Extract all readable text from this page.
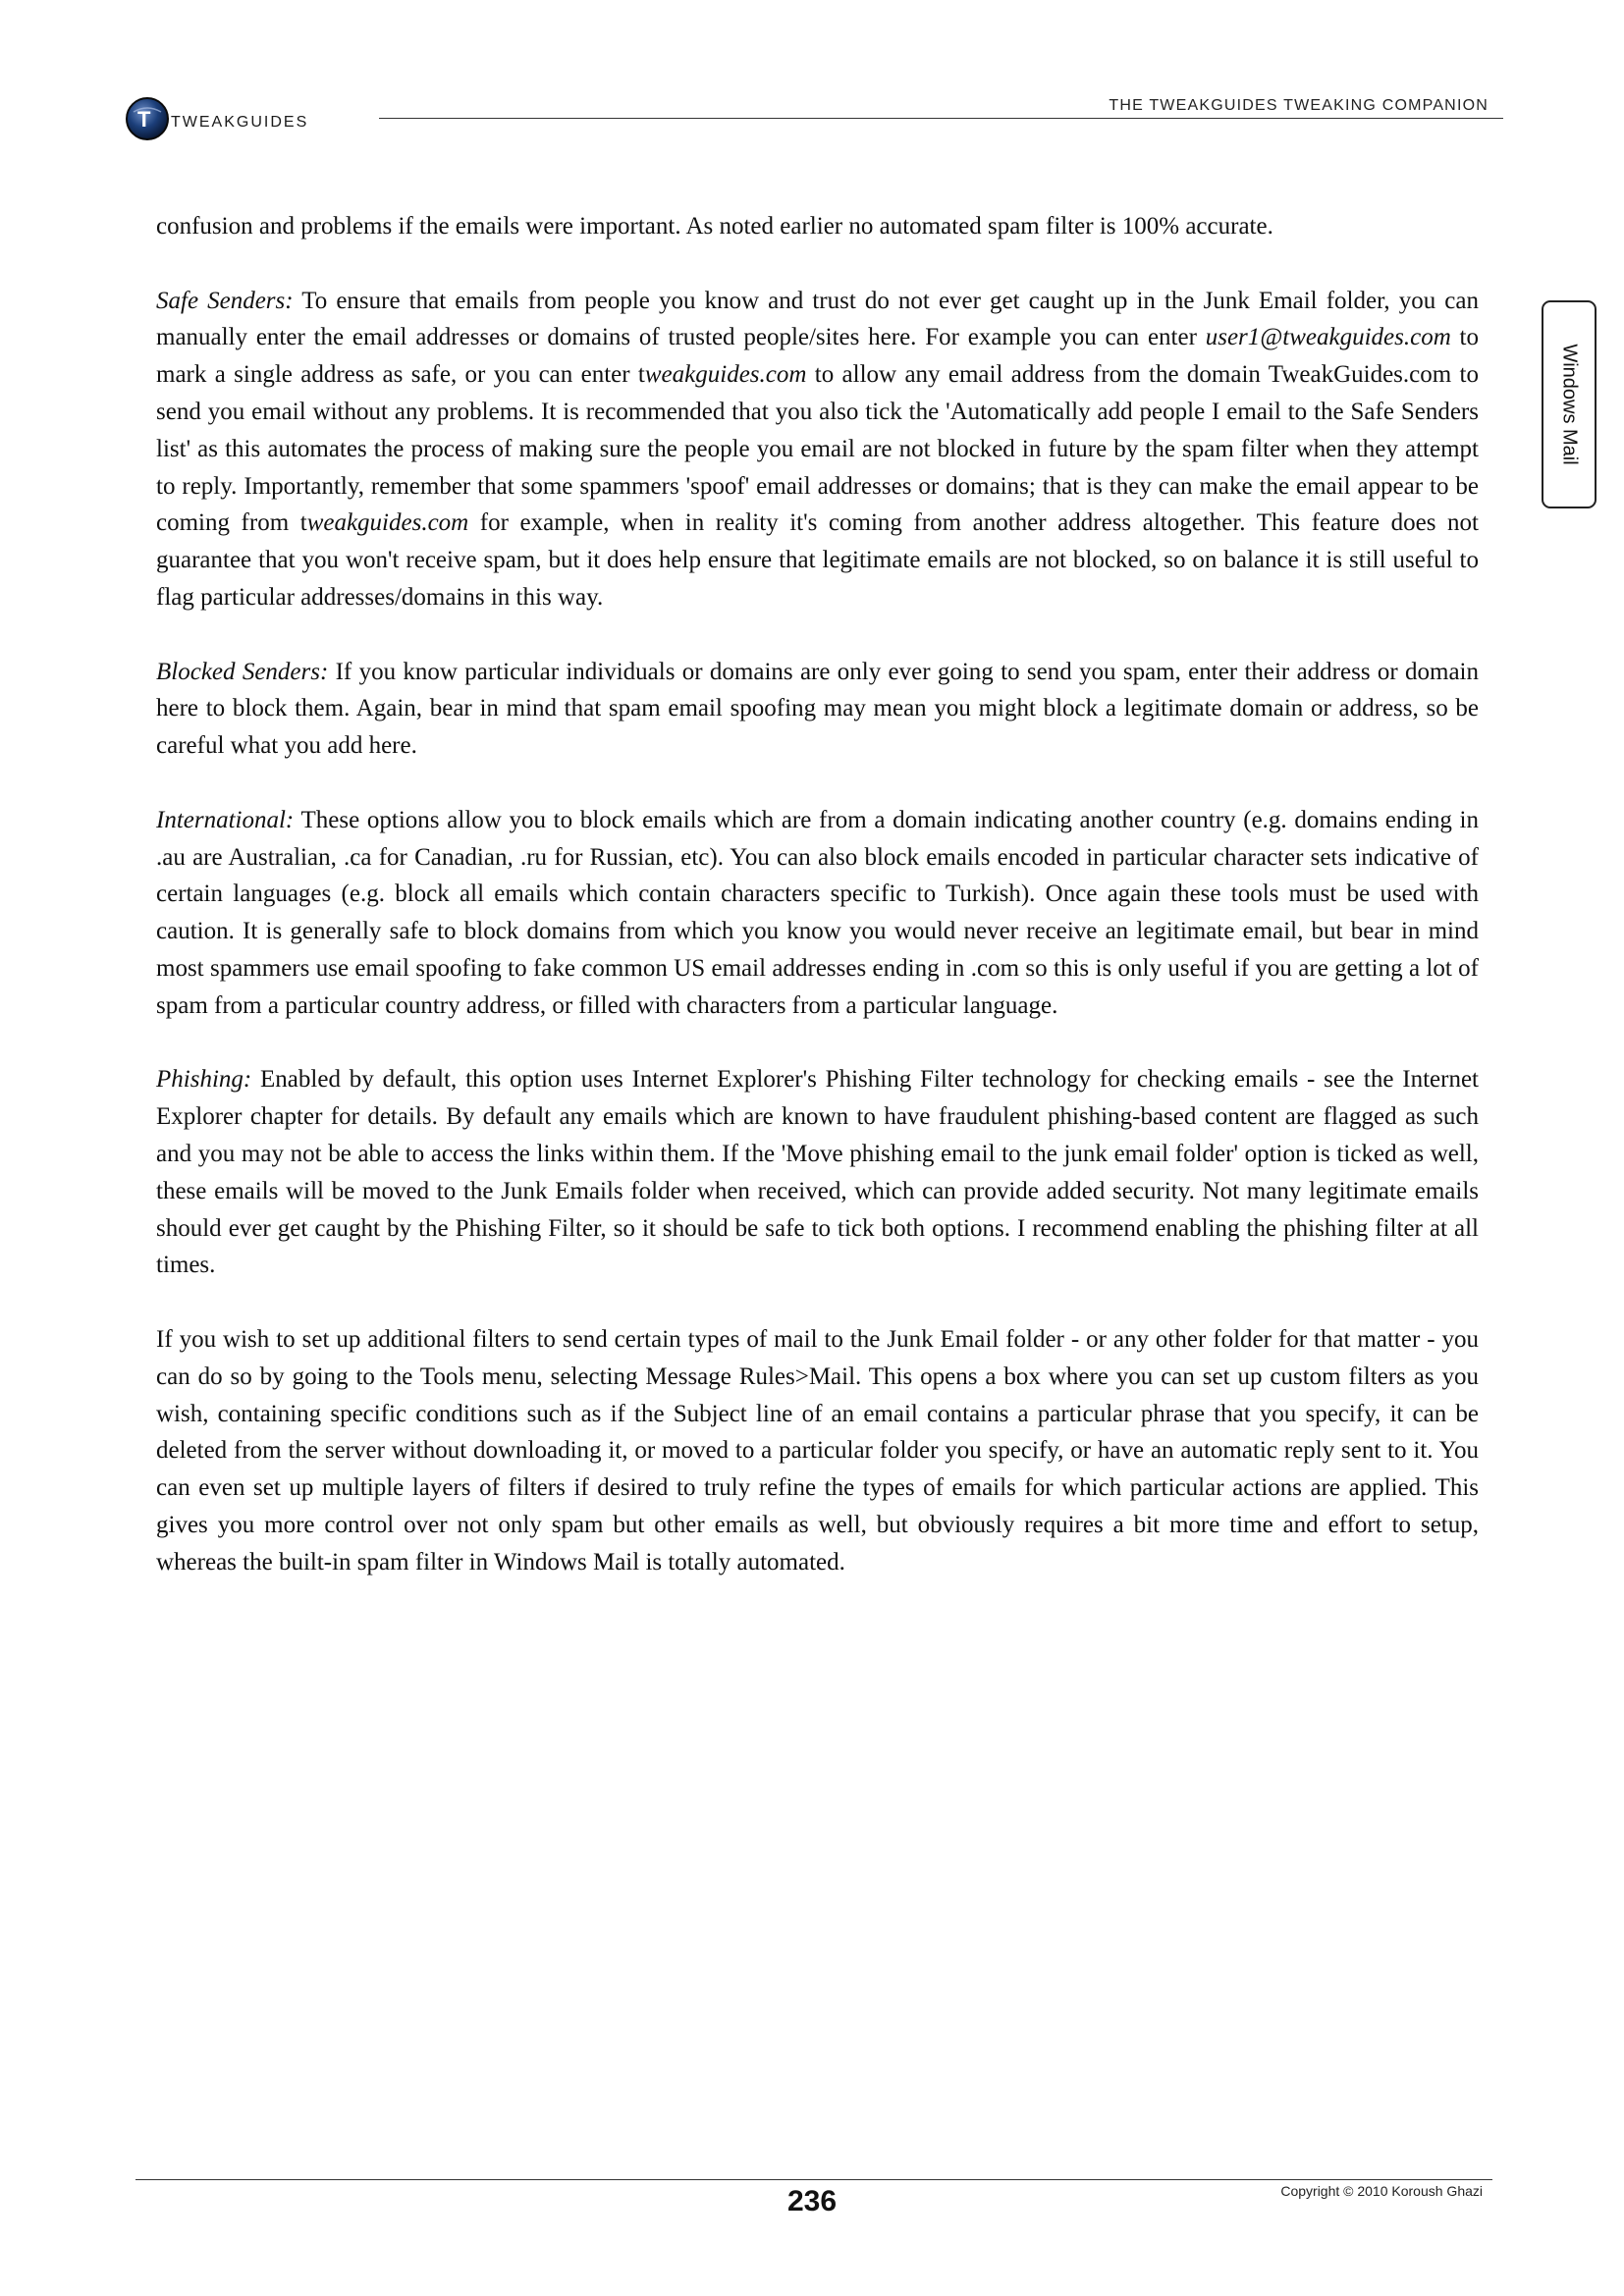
T TWEAKGUIDES
THE TWEAKGUIDES TWEAKING COMPANION
Windows Mail

confusion and problems if the emails were important. As noted earlier no automated spam filter is 100% accurate.

Safe Senders: To ensure that emails from people you know and trust do not ever get caught up in the Junk Email folder, you can manually enter the email addresses or domains of trusted people/sites here. For example you can enter user1@tweakguides.com to mark a single address as safe, or you can enter tweakguides.com to allow any email address from the domain TweakGuides.com to send you email without any problems. It is recommended that you also tick the 'Automatically add people I email to the Safe Senders list' as this automates the process of making sure the people you email are not blocked in future by the spam filter when they attempt to reply. Importantly, remember that some spammers 'spoof' email addresses or domains; that is they can make the email appear to be coming from tweakguides.com for example, when in reality it's coming from another address altogether. This feature does not guarantee that you won't receive spam, but it does help ensure that legitimate emails are not blocked, so on balance it is still useful to flag particular addresses/domains in this way.

Blocked Senders: If you know particular individuals or domains are only ever going to send you spam, enter their address or domain here to block them. Again, bear in mind that spam email spoofing may mean you might block a legitimate domain or address, so be careful what you add here.

International: These options allow you to block emails which are from a domain indicating another country (e.g. domains ending in .au are Australian, .ca for Canadian, .ru for Russian, etc). You can also block emails encoded in particular character sets indicative of certain languages (e.g. block all emails which contain characters specific to Turkish). Once again these tools must be used with caution. It is generally safe to block domains from which you know you would never receive an legitimate email, but bear in mind most spammers use email spoofing to fake common US email addresses ending in .com so this is only useful if you are getting a lot of spam from a particular country address, or filled with characters from a particular language.

Phishing: Enabled by default, this option uses Internet Explorer's Phishing Filter technology for checking emails - see the Internet Explorer chapter for details. By default any emails which are known to have fraudulent phishing-based content are flagged as such and you may not be able to access the links within them. If the 'Move phishing email to the junk email folder' option is ticked as well, these emails will be moved to the Junk Emails folder when received, which can provide added security. Not many legitimate emails should ever get caught by the Phishing Filter, so it should be safe to tick both options. I recommend enabling the phishing filter at all times.

If you wish to set up additional filters to send certain types of mail to the Junk Email folder - or any other folder for that matter - you can do so by going to the Tools menu, selecting Message Rules>Mail. This opens a box where you can set up custom filters as you wish, containing specific conditions such as if the Subject line of an email contains a particular phrase that you specify, it can be deleted from the server without downloading it, or moved to a particular folder you specify, or have an automatic reply sent to it. You can even set up multiple layers of filters if desired to truly refine the types of emails for which particular actions are applied. This gives you more control over not only spam but other emails as well, but obviously requires a bit more time and effort to setup, whereas the built-in spam filter in Windows Mail is totally automated.

236	Copyright © 2010 Koroush Ghazi
